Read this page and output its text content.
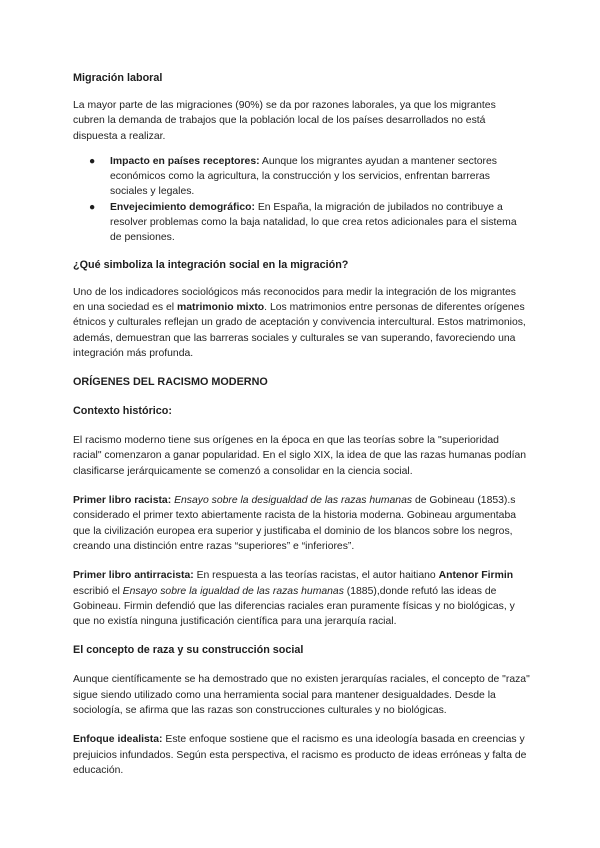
Migración laboral

La mayor parte de las migraciones (90%) se da por razones laborales, ya que los migrantes cubren la demanda de trabajos que la población local de los países desarrollados no está dispuesta a realizar.

● Impacto en países receptores: Aunque los migrantes ayudan a mantener sectores económicos como la agricultura, la construcción y los servicios, enfrentan barreras sociales y legales.
● Envejecimiento demográfico: En España, la migración de jubilados no contribuye a resolver problemas como la baja natalidad, lo que crea retos adicionales para el sistema de pensiones.
¿Qué simboliza la integración social en la migración?

Uno de los indicadores sociológicos más reconocidos para medir la integración de los migrantes en una sociedad es el matrimonio mixto. Los matrimonios entre personas de diferentes orígenes étnicos y culturales reflejan un grado de aceptación y convivencia intercultural. Estos matrimonios, además, demuestran que las barreras sociales y culturales se van superando, favoreciendo una integración más profunda.

ORÍGENES DEL RACISMO MODERNO
Contexto histórico:

El racismo moderno tiene sus orígenes en la época en que las teorías sobre la "superioridad racial" comenzaron a ganar popularidad. En el siglo XIX, la idea de que las razas humanas podían clasificarse jerárquicamente se comenzó a consolidar en la ciencia social.

Primer libro racista: Ensayo sobre la desigualdad de las razas humanas de Gobineau (1853).s considerado el primer texto abiertamente racista de la historia moderna. Gobineau argumentaba que la civilización europea era superior y justificaba el dominio de los blancos sobre los negros, creando una distinción entre razas “superiores” e “inferiores”.

Primer libro antirracista: En respuesta a las teorías racistas, el autor haitiano Antenor Firmin escribió el Ensayo sobre la igualdad de las razas humanas (1885),donde refutó las ideas de Gobineau. Firmin defendió que las diferencias raciales eran puramente físicas y no biológicas, y que no existía ninguna justificación científica para una jerarquía racial.

El concepto de raza y su construcción social

Aunque científicamente se ha demostrado que no existen jerarquías raciales, el concepto de "raza" sigue siendo utilizado como una herramienta social para mantener desigualdades. Desde la sociología, se afirma que las razas son construcciones culturales y no biológicas.

Enfoque idealista: Este enfoque sostiene que el racismo es una ideología basada en creencias y prejuicios infundados. Según esta perspectiva, el racismo es producto de ideas erróneas y falta de educación.
